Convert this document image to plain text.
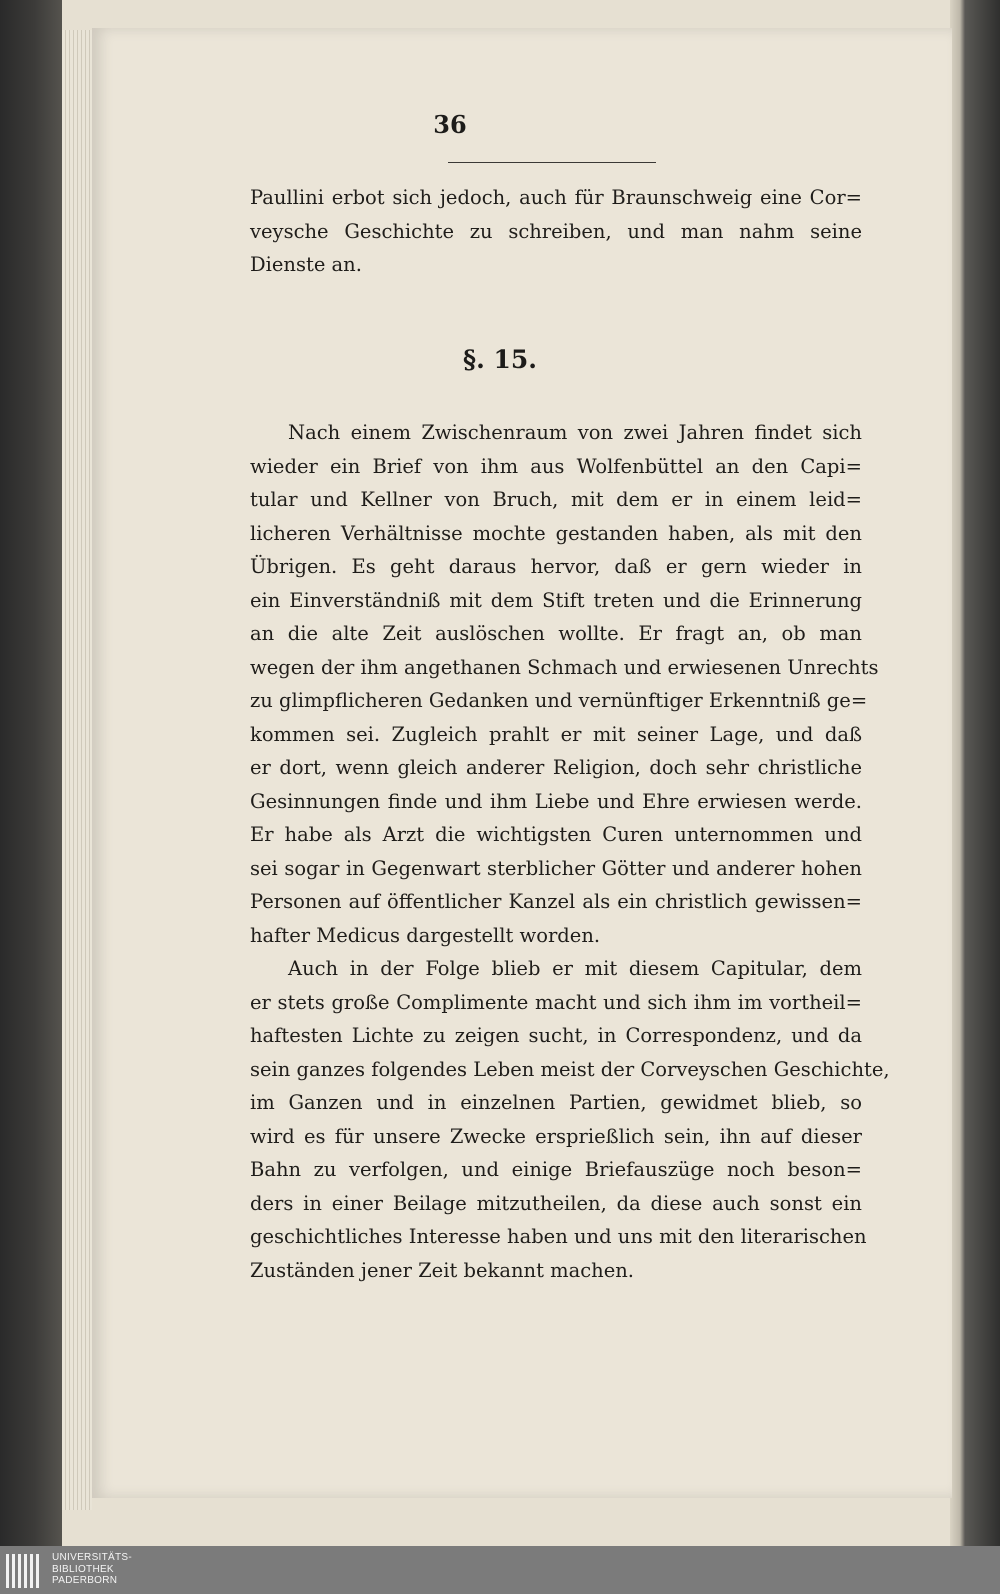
36
Paullini erbot sich jedoch, auch für Braunschweig eine Cor=
veysche Geschichte zu schreiben, und man nahm seine
Dienste an.
§. 15.
Nach einem Zwischenraum von zwei Jahren findet sich
wieder ein Brief von ihm aus Wolfenbüttel an den Capi=
tular und Kellner von Bruch, mit dem er in einem leid=
licheren Verhältnisse mochte gestanden haben, als mit den
Übrigen. Es geht daraus hervor, daß er gern wieder in
ein Einverständniß mit dem Stift treten und die Erinnerung
an die alte Zeit auslöschen wollte. Er fragt an, ob man
wegen der ihm angethanen Schmach und erwiesenen Unrechts
zu glimpflicheren Gedanken und vernünftiger Erkenntniß ge=
kommen sei. Zugleich prahlt er mit seiner Lage, und daß
er dort, wenn gleich anderer Religion, doch sehr christliche
Gesinnungen finde und ihm Liebe und Ehre erwiesen werde.
Er habe als Arzt die wichtigsten Curen unternommen und
sei sogar in Gegenwart sterblicher Götter und anderer hohen
Personen auf öffentlicher Kanzel als ein christlich gewissen=
hafter Medicus dargestellt worden.
Auch in der Folge blieb er mit diesem Capitular, dem
er stets große Complimente macht und sich ihm im vortheil=
haftesten Lichte zu zeigen sucht, in Correspondenz, und da
sein ganzes folgendes Leben meist der Corveyschen Geschichte,
im Ganzen und in einzelnen Partien, gewidmet blieb, so
wird es für unsere Zwecke ersprießlich sein, ihn auf dieser
Bahn zu verfolgen, und einige Briefauszüge noch beson=
ders in einer Beilage mitzutheilen, da diese auch sonst ein
geschichtliches Interesse haben und uns mit den literarischen
Zuständen jener Zeit bekannt machen.
UNIVERSITÄTS-
BIBLIOTHEK
PADERBORN
